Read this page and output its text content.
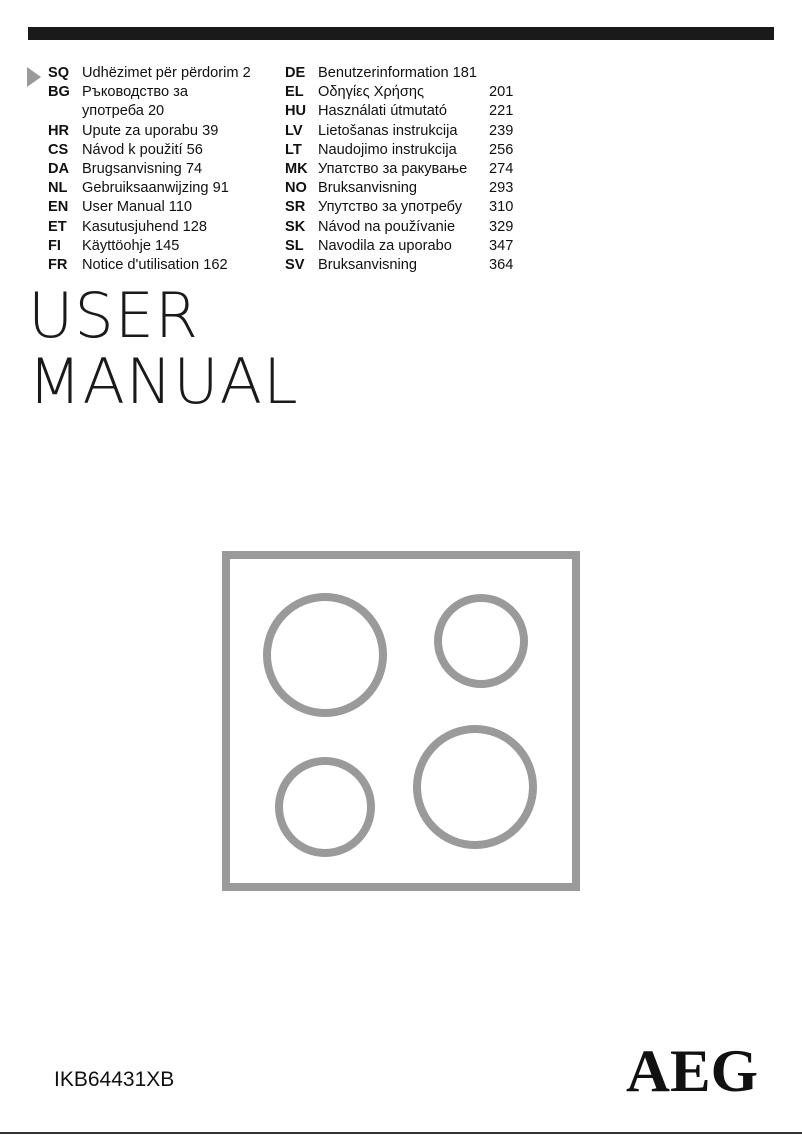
SQ Udhëzimet për përdorim 2
BG Ръководство за употреба 20
HR Upute za uporabu 39
CS Návod k použití 56
DA Brugsanvisning 74
NL Gebruiksaanwijzing 91
EN User Manual 110
ET	Kasutusjuhend 128
FI	Käyttöohje 145
FR Notice d'utilisation 162
DE Benutzerinformation 181
EL Οδηγίες Χρήσης	201
HU Használati útmutató	221
LV	Lietošanas instrukcija 239
LT	Naudojimo instrukcija 256
MK Упатство за ракување 274
NO Bruksanvisning	293
SR Упутство за употребу 310
SK Návod na používanie 329
SL Navodila za uporabo	347
SV Bruksanvisning	364
USER
MANUAL
IKB64431XB	AEG
